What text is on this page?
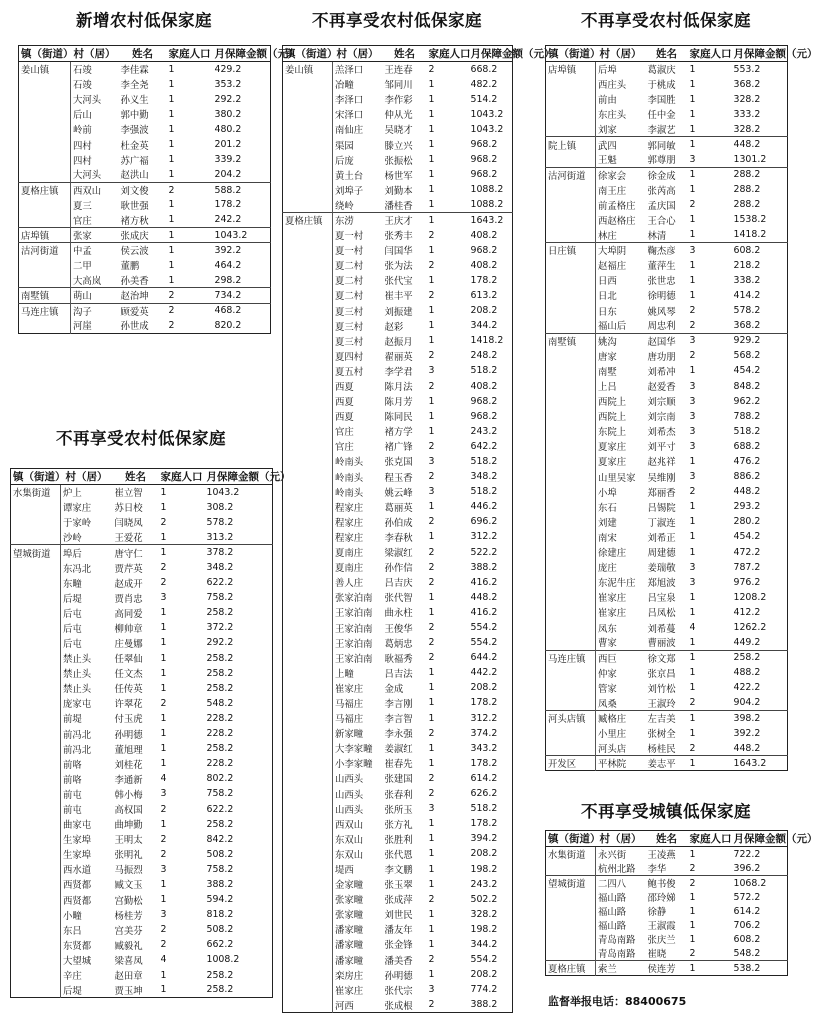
新增农村低保家庭
镇（街道）	村（居）	姓名	家庭人口	月保障金额（元）
姜山镇	石竣	李佳霖	1	429.2
	石竣	李全尧	1	353.2
	大河头	孙义生	1	292.2
	后山	郭中勤	1	380.2
	岭前	李强波	1	480.2
	四村	杜金英	1	201.2
	四村	苏广福	1	339.2
	大河头	赵洪山	1	204.2
夏格庄镇	西双山	刘文俊	2	588.2
	夏三	耿世强	1	178.2
	官庄	褚方秋	1	242.2
店埠镇	张家	张成庆	1	1043.2
沽河街道	中孟	侯云波	1	392.2
	二甲	董鹏	1	464.2
	大高岚	孙美香	1	298.2
南墅镇	萌山	赵治坤	2	734.2
马连庄镇	沟子	顾爱英	2	468.2
	河崖	孙世成	2	820.2
不再享受农村低保家庭
镇（街道）	村（居）	姓名	家庭人口	月保障金额（元）
水集街道	炉上	崔立智	1	1043.2
	谭家庄	苏日校	1	308.2
	于家岭	闫晓凤	2	578.2
	沙岭	王爱花	1	313.2
望城街道	埠后	唐守仁	1	378.2
	东冯北	贾芹英	2	348.2
	东疃	赵成开	2	622.2
	后堤	贾肖忠	3	758.2
	后屯	高同爱	1	258.2
	后屯	柳帅章	1	372.2
	后屯	庄曼娜	1	292.2
	禁止头	任翠仙	1	258.2
	禁止头	任文杰	1	258.2
	禁止头	任传英	1	258.2
	庞家屯	许翠花	2	548.2
	前堤	付玉虎	1	228.2
	前冯北	孙明德	1	228.2
	前冯北	董旭理	1	258.2
	前咯	刘桂花	1	228.2
	前咯	李通新	4	802.2
	前屯	韩小梅	3	758.2
	前屯	高权国	2	622.2
	曲家屯	曲坤勤	1	258.2
	生家埠	王明太	2	842.2
	生家埠	张明礼	2	508.2
	西水道	马振烈	3	758.2
	西贤都	臧文玉	1	388.2
	西贤都	宫勤松	1	594.2
	小疃	杨桂芳	3	818.2
	东吕	宫美芬	2	508.2
	东贤都	臧毅礼	2	662.2
	大望城	梁喜凤	4	1008.2
	辛庄	赵田章	1	258.2
	后堤	贾玉坤	1	258.2
不再享受农村低保家庭
镇（街道）	村（居）	姓名	家庭人口	月保障金额（元）
姜山镇	羔泽口	王连春	2	668.2
	冶疃	邹同川	1	482.2
	李泽口	李作彩	1	514.2
	宋泽口	仲从光	1	1043.2
	南仙庄	吴晓才	1	1043.2
	渠园	滕立兴	1	968.2
	后庞	张振松	1	968.2
	黄土台	杨世军	1	968.2
	刘埠子	刘勤本	1	1088.2
	绕岭	潘桂香	1	1088.2
夏格庄镇	东涝	王庆才	1	1643.2
	夏一村	张秀丰	2	408.2
	夏一村	闫国华	1	968.2
	夏二村	张为法	2	408.2
	夏二村	张代宝	1	178.2
	夏二村	崔丰平	2	613.2
	夏三村	刘振建	1	208.2
	夏三村	赵彩	1	344.2
	夏三村	赵振月	1	1418.2
	夏四村	翟丽英	2	248.2
	夏五村	李学君	3	518.2
	西夏	陈月法	2	408.2
	西夏	陈月芳	1	968.2
	西夏	陈同民	1	968.2
	官庄	褚方学	1	243.2
	官庄	褚广锋	2	642.2
	岭南头	张克国	3	518.2
	岭南头	程玉香	2	348.2
	岭南头	姚云峰	3	518.2
	程家庄	葛丽英	1	446.2
	程家庄	孙伯成	2	696.2
	程家庄	李春秋	1	312.2
	夏南庄	梁淑红	2	522.2
	夏南庄	孙作信	2	388.2
	善人庄	吕吉庆	2	416.2
	张家泊南	张代智	1	448.2
	王家泊南	曲永柱	1	416.2
	王家泊南	王俊华	2	554.2
	王家泊南	葛炳忠	2	554.2
	王家泊南	耿福秀	2	644.2
	上疃	吕吉法	1	442.2
	崔家庄	金成	1	208.2
	马福庄	李言刚	1	178.2
	马福庄	李言智	1	312.2
	新家疃	李永强	2	374.2
	大李家疃	姜淑红	1	343.2
	小李家疃	崔春先	1	178.2
	山西头	张建国	2	614.2
	山西头	张春利	2	626.2
	山西头	张所玉	3	518.2
	西双山	张方礼	1	178.2
	东双山	张胜利	1	394.2
	东双山	张代恩	1	208.2
	堤西	李文鹏	1	198.2
	金家疃	张玉翠	1	243.2
	张家疃	张成萍	2	502.2
	张家疃	刘世民	1	328.2
	潘家疃	潘友年	1	198.2
	潘家疃	张金锋	1	344.2
	潘家疃	潘美香	2	554.2
	栾房庄	孙明德	1	208.2
	崔家庄	张代宗	3	774.2
	河西	张成根	2	388.2
不再享受农村低保家庭
镇（街道）	村（居）	姓名	家庭人口	月保障金额（元）
店埠镇	后埠	葛淑庆	1	553.2
	西庄头	于桃成	1	368.2
	前由	李国胜	1	328.2
	东庄头	任中金	1	333.2
	刘家	李淑艺	1	328.2
院上镇	武四	郭同敏	1	448.2
	王魁	郭尊朋	3	1301.2
沽河街道	徐家会	徐金成	1	288.2
	南王庄	张芮高	1	288.2
	前孟格庄	孟庆国	2	288.2
	西赵格庄	王合心	1	1538.2
	林庄	林清	1	1418.2
日庄镇	大埠阴	鞠杰彦	3	608.2
	赵福庄	董萍生	1	218.2
	日西	张世忠	1	338.2
	日北	徐明德	1	414.2
	日东	姚风琴	2	578.2
	福山后	周忠利	2	368.2
南墅镇	姚沟	赵国华	3	929.2
	唐家	唐功朋	2	568.2
	南墅	刘希冲	1	454.2
	上吕	赵爱香	3	848.2
	西院上	刘宗顺	3	962.2
	西院上	刘宗南	3	788.2
	东院上	刘希杰	3	518.2
	夏家庄	刘平寸	3	688.2
	夏家庄	赵兆祥	1	476.2
	山里吴家	吴维刚	3	886.2
	小埠	郑丽香	2	448.2
	东石	吕锡院	1	293.2
	刘建	丁淑连	1	280.2
	南宋	刘希正	1	454.2
	徐建庄	周建德	1	472.2
	庞庄	姜瑞敬	3	787.2
	东泥牛庄	郑旭波	3	976.2
	崔家庄	吕宝泉	1	1208.2
	崔家庄	吕凤松	1	412.2
	凤东	刘希蔓	4	1262.2
	曹家	曹丽波	1	449.2
马连庄镇	西巨	徐文郑	1	258.2
	仲家	张京昌	1	488.2
	管家	刘竹松	1	422.2
	凤桑	王淑玲	2	904.2
河头店镇	臧格庄	左吉美	1	398.2
	小里庄	张树全	1	392.2
	河头店	杨桂民	2	448.2
开发区	平林院	姜志平	1	1643.2
不再享受城镇低保家庭
镇（街道）	村（居）	姓名	家庭人口	月保障金额（元）
水集街道	永兴街	王凌燕	1	722.2
	杭州北路	李华	2	396.2
望城街道	二四八	鲍书俊	2	1068.2
	福山路	邵玲娣	1	572.2
	福山路	徐静	1	614.2
	福山路	王淑霞	1	706.2
	青岛南路	张庆兰	1	608.2
	青岛南路	崔晓	2	548.2
夏格庄镇	索兰	侯连芳	1	538.2
监督举报电话：88400675
